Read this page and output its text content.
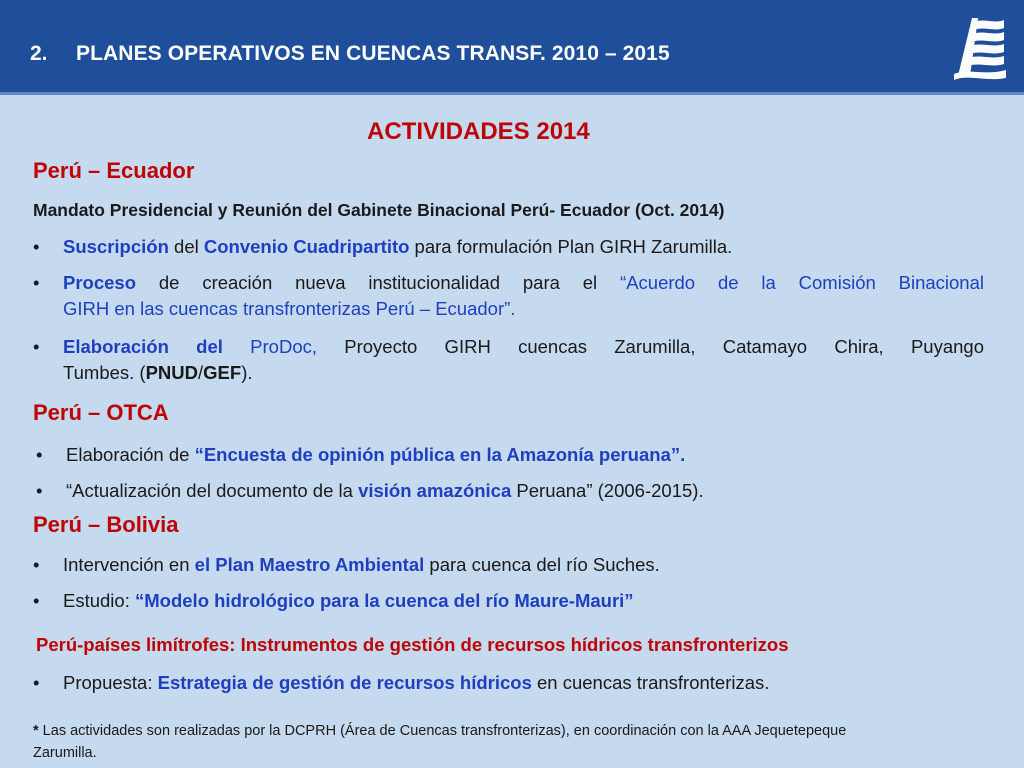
2. PLANES OPERATIVOS EN CUENCAS TRANSF. 2010 – 2015
ACTIVIDADES 2014
Perú – Ecuador
Mandato Presidencial y Reunión del Gabinete Binacional Perú- Ecuador (Oct. 2014)
• Suscripción del Convenio Cuadripartito para formulación Plan GIRH Zarumilla.
• Proceso de creación nueva institucionalidad para el “Acuerdo de la Comisión Binacional
GIRH en las cuencas transfronterizas Perú – Ecuador”.
• Elaboración del ProDoc, Proyecto GIRH cuencas Zarumilla, Catamayo Chira, Puyango
Tumbes. (PNUD/GEF).
Perú – OTCA
• Elaboración de “Encuesta de opinión pública en la Amazonía peruana”.
• “Actualización del documento de la visión amazónica Peruana” (2006-2015).
Perú – Bolivia
• Intervención en el Plan Maestro Ambiental para cuenca del río Suches.
• Estudio: “Modelo hidrológico para la cuenca del río Maure-Mauri”
Perú-países limítrofes: Instrumentos de gestión de recursos hídricos transfronterizos
• Propuesta: Estrategia de gestión de recursos hídricos en cuencas transfronterizas.
* Las actividades son realizadas por la DCPRH (Área de Cuencas transfronterizas), en coordinación con la AAA Jequetepeque
Zarumilla.
